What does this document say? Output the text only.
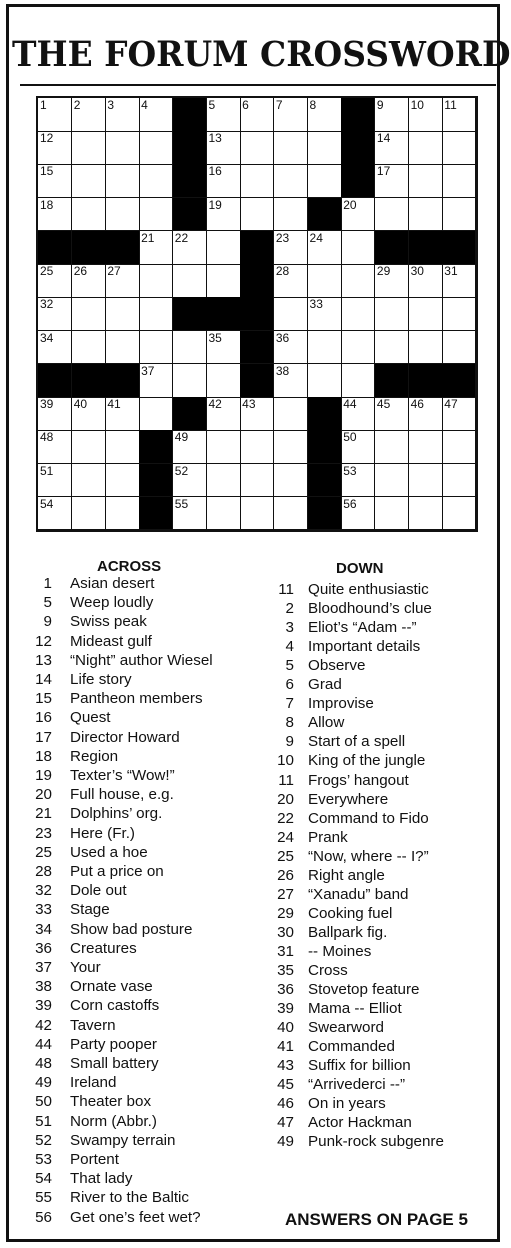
THE FORUM CROSSWORD
1 2 3 4	5 6 7 8	9 10 11
12	13	14
15	16	17
18	19	20
21 22	23 24
25 26 27	28	29 30 31
32	33
34	35	36
37	38
39 40 41	42 43	44 45 46 47
48	49	50
51	52	53
54	55	56
ACROSS
1 Asian desert
5 Weep loudly
9 Swiss peak
12 Mideast gulf
13 “Night” author Wiesel
14 Life story
15 Pantheon members
16 Quest
17 Director Howard
18 Region
19 Texter’s “Wow!”
20 Full house, e.g.
21 Dolphins’ org.
23 Here (Fr.)
25 Used a hoe
28 Put a price on
32 Dole out
33 Stage
34 Show bad posture
36 Creatures
37 Your
38 Ornate vase
39 Corn castoffs
42 Tavern
44 Party pooper
48 Small battery
49 Ireland
50 Theater box
51 Norm (Abbr.)
52 Swampy terrain
53 Portent
54 That lady
55 River to the Baltic
56 Get one’s feet wet?
DOWN
11 Quite enthusiastic
2 Bloodhound’s clue
3 Eliot’s “Adam --”
4 Important details
5 Observe
6 Grad
7 Improvise
8 Allow
9 Start of a spell
10 King of the jungle
11 Frogs’ hangout
20 Everywhere
22 Command to Fido
24 Prank
25 “Now, where -- I?”
26 Right angle
27 “Xanadu” band
29 Cooking fuel
30 Ballpark fig.
31 -- Moines
35 Cross
36 Stovetop feature
39 Mama -- Elliot
40 Swearword
41 Commanded
43 Suffix for billion
45 “Arrivederci --”
46 On in years
47 Actor Hackman
49 Punk-rock subgenre
ANSWERS ON PAGE 5
